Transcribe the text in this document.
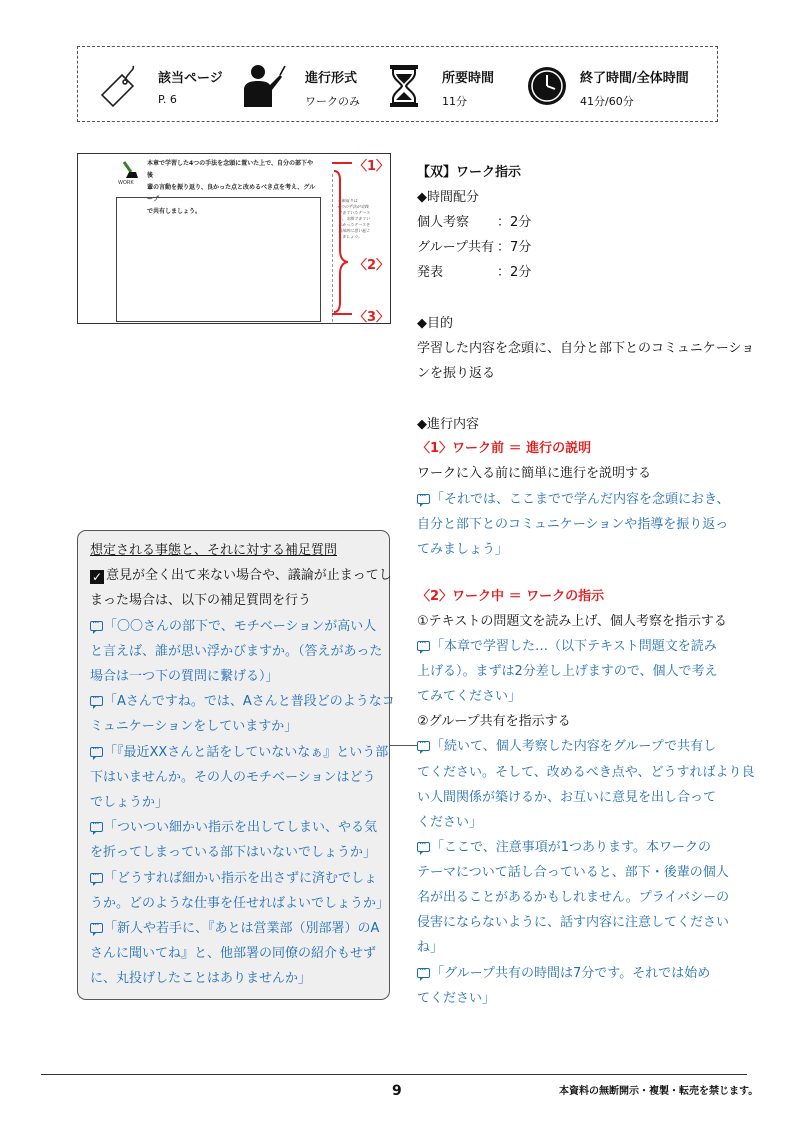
該当ページ
P. 6
進行形式
ワークのみ
所要時間
11分
終了時間/全体時間
41分/60分
WORK
本章で学習した4つの手法を念頭に置いた上で、自分の部下や後
輩の言動を振り返り、良かった点と改めるべき点を考え、グループ
で共有しましょう。
✔振返りは
4つの手法が実践
できていたケース
と、実践できてい
なかったケースを
具体的に思い起こ
しましょう。
〈1〉
〈2〉
〈3〉
【双】ワーク指示
◆時間配分
個人考察 ：2分
グループ共有 ：7分
発表	：2分
◆目的
学習した内容を念頭に、自分と部下とのコミュニケーショ
ンを振り返る
◆進行内容
〈1〉ワーク前 ＝ 進行の説明
ワークに入る前に簡単に進行を説明する
···「それでは、ここまでで学んだ内容を念頭におき、
自分と部下とのコミュニケーションや指導を振り返っ
てみましょう」
〈2〉ワーク中 ＝ ワークの指示
①テキストの問題文を読み上げ、個人考察を指示する
···「本章で学習した…（以下テキスト問題文を読み
上げる）。まずは2分差し上げますので、個人で考え
てみてください」
②グループ共有を指示する
···「続いて、個人考察した内容をグループで共有し
てください。そして、改めるべき点や、どうすればより良
い人間関係が築けるか、お互いに意見を出し合って
ください」
···「ここで、注意事項が1つあります。本ワークの
テーマについて話し合っていると、部下・後輩の個人
名が出ることがあるかもしれません。プライバシーの
侵害にならないように、話す内容に注意してください
ね」
···「グループ共有の時間は7分です。それでは始め
てください」
想定される事態と、それに対する補足質問
✓ 意見が全く出て来ない場合や、議論が止まってし
まった場合は、以下の補足質問を行う
···「〇〇さんの部下で、モチベーションが高い人
と言えば、誰が思い浮かびますか。（答えがあった
場合は一つ下の質問に繋げる）」
···「Aさんですね。では、Aさんと普段どのようなコ
ミュニケーションをしていますか」
···「『最近XXさんと話をしていないなぁ』という部
下はいませんか。その人のモチベーションはどう
でしょうか」
···「ついつい細かい指示を出してしまい、やる気
を折ってしまっている部下はいないでしょうか」
···「どうすれば細かい指示を出さずに済むでしょ
うか。どのような仕事を任せればよいでしょうか」
···「新人や若手に、『あとは営業部（別部署）のA
さんに聞いてね』と、他部署の同僚の紹介もせず
に、丸投げしたことはありませんか」
9	本資料の無断開示・複製・転売を禁じます。
